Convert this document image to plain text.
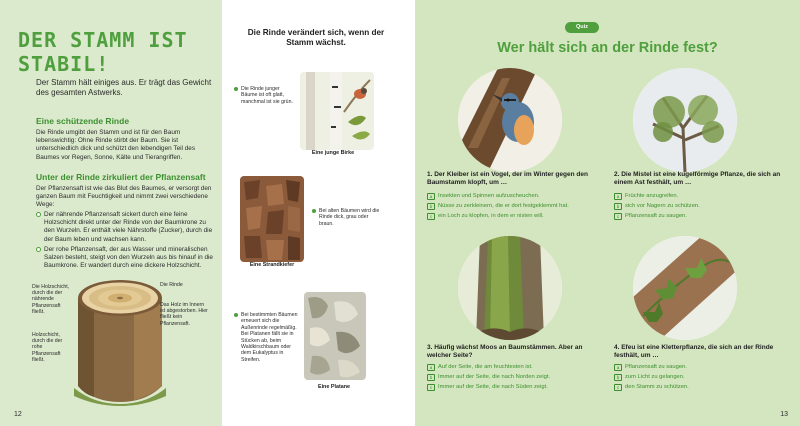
DER STAMM IST STABIL!
Der Stamm hält einiges aus. Er trägt das Gewicht des gesamten Astwerks.
Eine schützende Rinde
Die Rinde umgibt den Stamm und ist für den Baum lebenswichtig: Ohne Rinde stirbt der Baum. Sie ist unterschiedlich dick und schützt den lebendigen Teil des Baumes vor Regen, Sonne, Kälte und Tierangriffen.
Unter der Rinde zirkuliert der Pflanzensaft
Der Pflanzensaft ist wie das Blut des Baumes, er versorgt den ganzen Baum mit Feuchtigkeit und nimmt zwei verschiedene Wege:
Der nährende Pflanzensaft sickert durch eine feine Holzschicht direkt unter der Rinde von der Baumkrone zu den Wurzeln. Er enthält viele Nährstoffe (Zucker), durch die der Baum leben und wachsen kann.
Der rohe Pflanzensaft, der aus Wasser und mineralischen Salzen besteht, steigt von den Wurzeln aus bis hinauf in die Baumkrone. Er wandert durch eine dickere Holzschicht.
Die Holzschicht, durch die der nährende Pflanzensaft fließt.
Die Rinde
Das Holz im Innern ist abgestorben. Hier fließt kein Pflanzensaft.
Holzschicht, durch die der rohe Pflanzensaft fließt.
12
Die Rinde verändert sich, wenn der Stamm wächst.
Die Rinde junger Bäume ist oft glatt, manchmal ist sie grün.
Eine junge Birke
Eine Strandkiefer
Bei alten Bäumen wird die Rinde dick, grau oder braun.
Bei bestimmten Bäumen erneuert sich die Außenrinde regelmäßig. Bei Platanen fällt sie in Stücken ab, beim Waldkirschbaum oder dem Eukalyptus in Streifen.
Eine Platane
Quiz
Wer hält sich an der Rinde fest?
1. Der Kleiber ist ein Vogel, der im Winter gegen den Baumstamm klopft, um …
a Insekten und Spinnen aufzuscheuchen.
b Nüsse zu zerkleinern, die er dort festgeklemmt hat.
c	ein Loch zu klopfen, in dem er nisten will.
2. Die Mistel ist eine kugelförmige Pflanze, die sich an einem Ast festhält, um …
a Früchte anzugreifen.
b sich vor Nagern zu schützen.
c	Pflanzensaft zu saugen.
3. Häufig wächst Moos an Baumstämmen. Aber an welcher Seite?
a Auf der Seite, die am feuchtesten ist.
b Immer auf der Seite, die nach Norden zeigt.
c	Immer auf der Seite, die nach Süden zeigt.
4. Efeu ist eine Kletterpflanze, die sich an der Rinde festhält, um …
a Pflanzensaft zu saugen.
b zum Licht zu gelangen.
c	den Stamm zu schützen.
13
